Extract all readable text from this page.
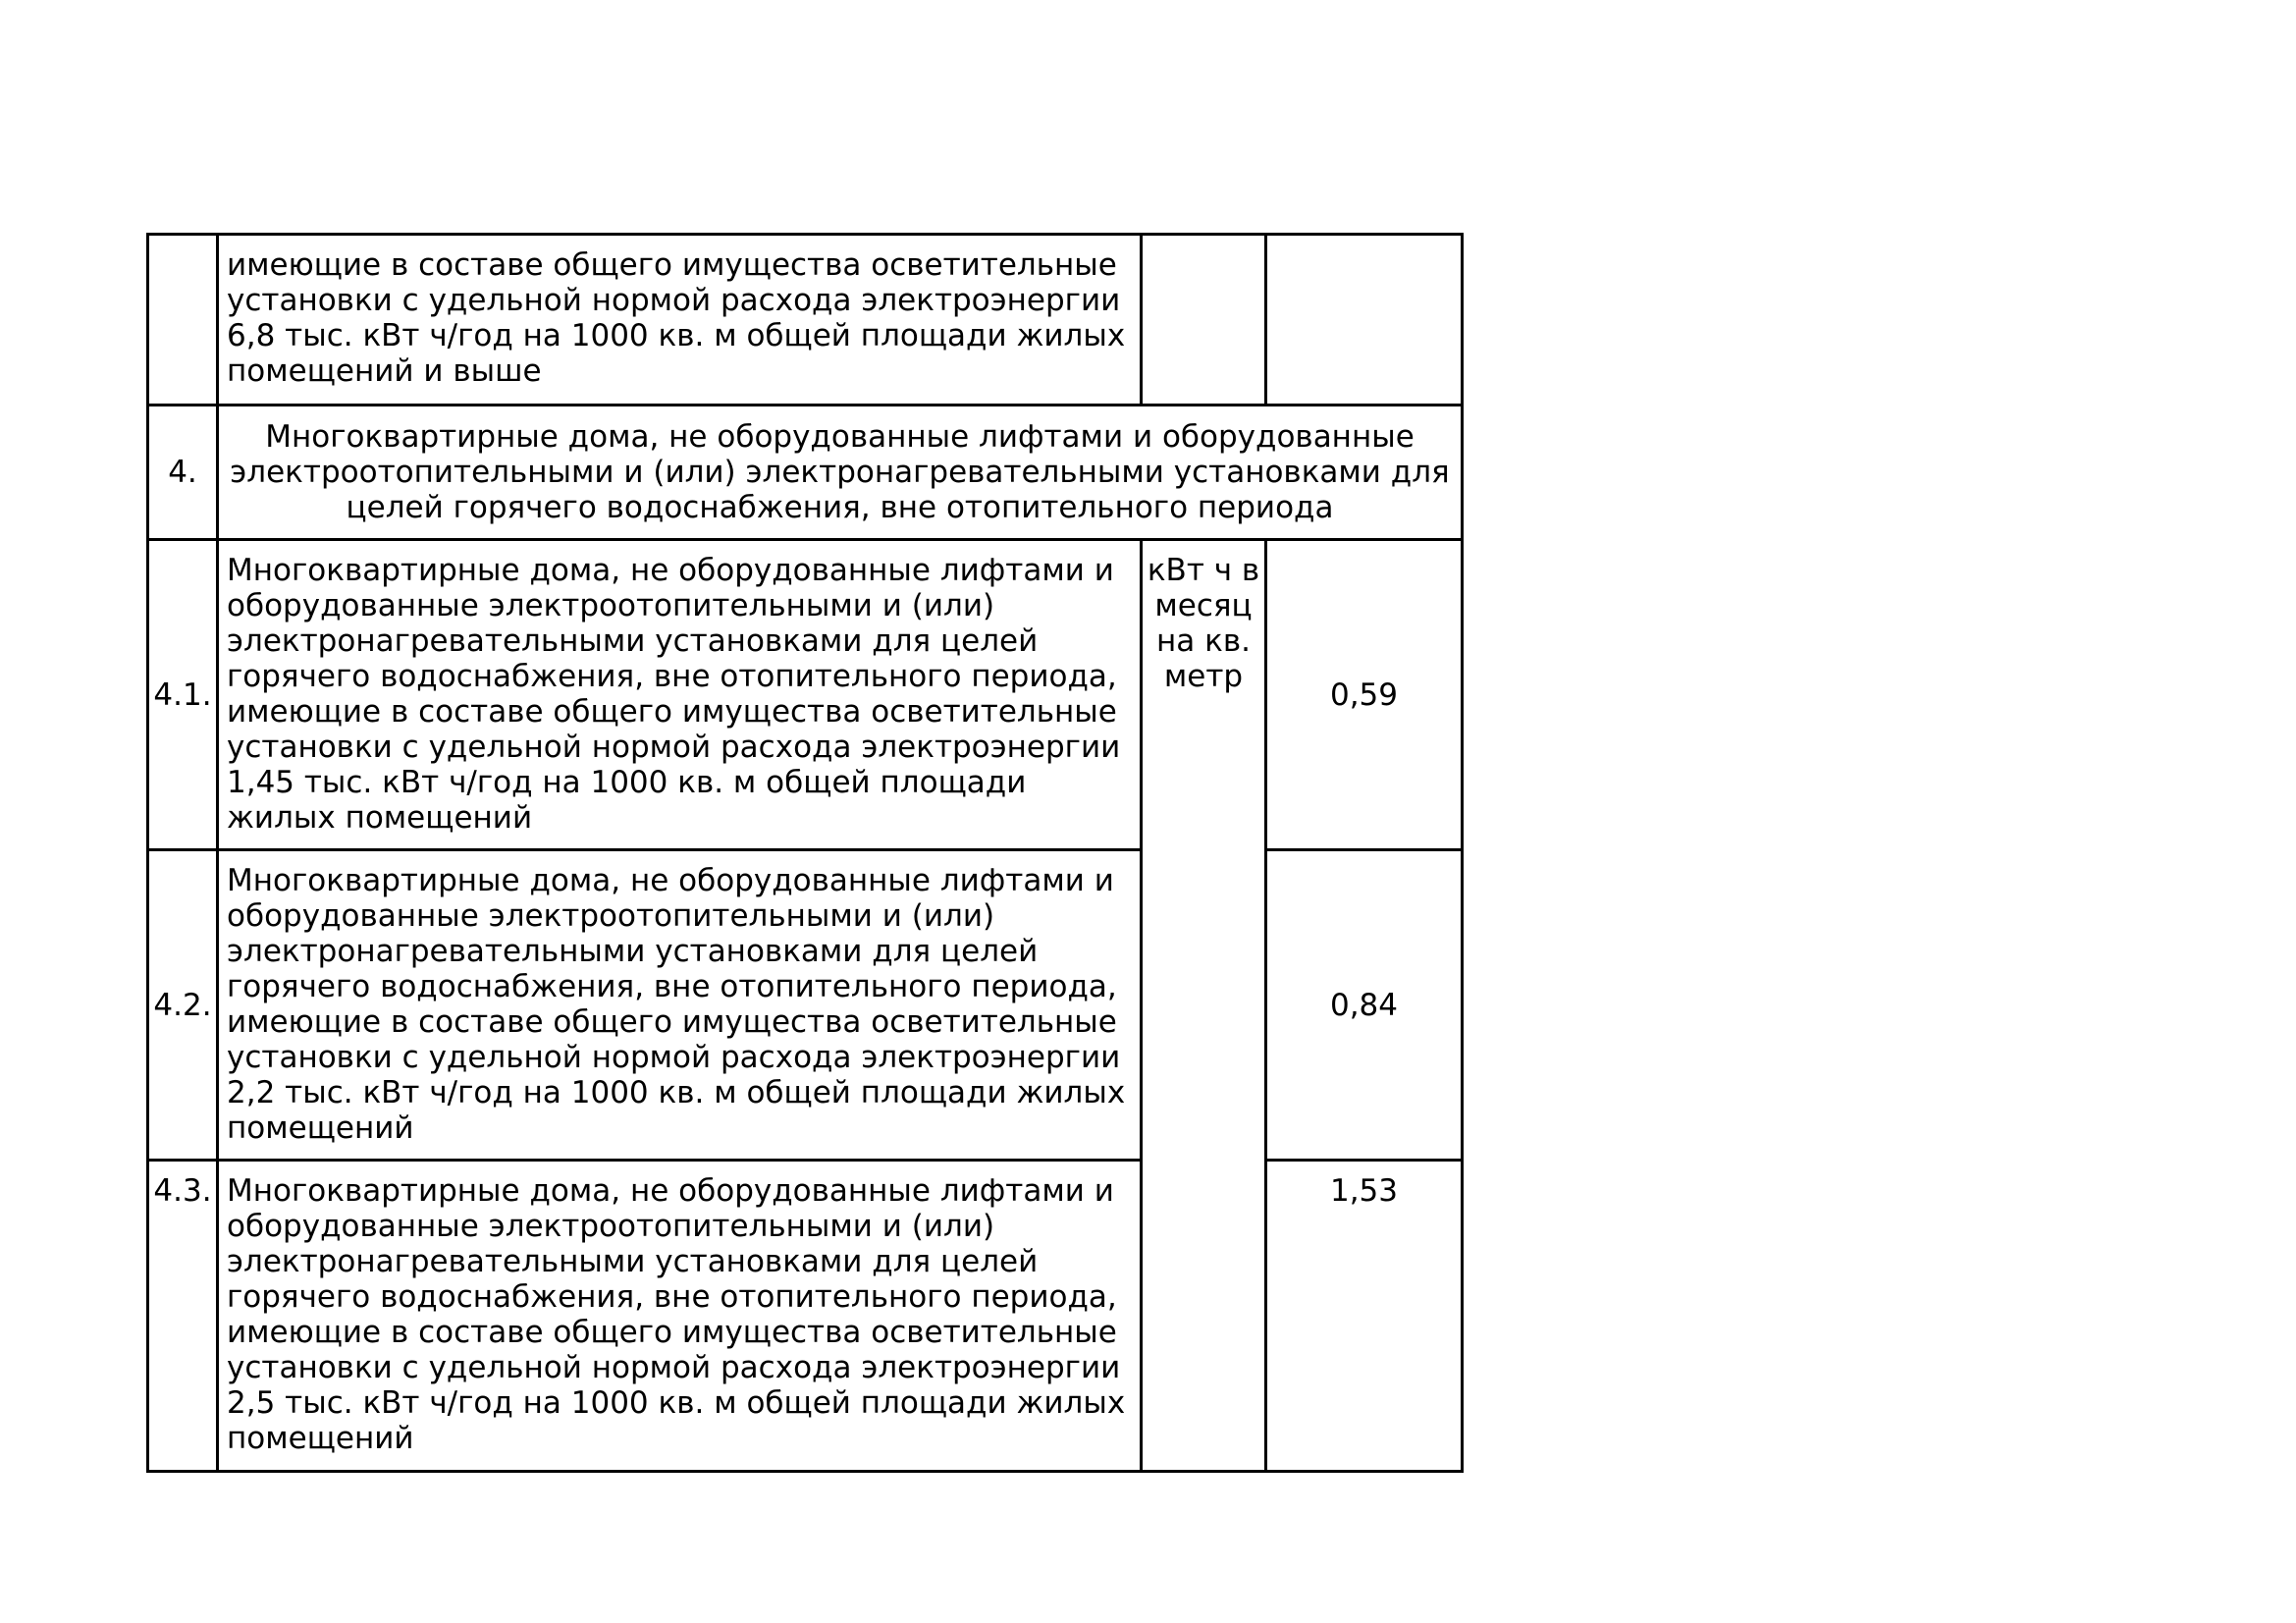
	имеющие в составе общего имущества осветительные установки с удельной нормой расхода электроэнергии 6,8 тыс. кВт ч/год на 1000 кв. м общей площади жилых помещений и выше		
4.	Многоквартирные дома, не оборудованные лифтами и оборудованные электроотопительными и (или) электронагревательными установками для целей горячего водоснабжения, вне отопительного периода		
4.1.	Многоквартирные дома, не оборудованные лифтами и оборудованные электроотопительными и (или) электронагревательными установками для целей горячего водоснабжения, вне отопительного периода, имеющие в составе общего имущества осветительные установки с удельной нормой расхода электроэнергии 1,45 тыс. кВт ч/год на 1000 кв. м общей площади жилых помещений	кВт ч в месяц на кв. метр	0,59
4.2.	Многоквартирные дома, не оборудованные лифтами и оборудованные электроотопительными и (или) электронагревательными установками для целей горячего водоснабжения, вне отопительного периода, имеющие в составе общего имущества осветительные установки с удельной нормой расхода электроэнергии 2,2 тыс. кВт ч/год на 1000 кв. м общей площади жилых помещений		0,84
4.3.	Многоквартирные дома, не оборудованные лифтами и оборудованные электроотопительными и (или) электронагревательными установками для целей горячего водоснабжения, вне отопительного периода, имеющие в составе общего имущества осветительные установки с удельной нормой расхода электроэнергии 2,5 тыс. кВт ч/год на 1000 кв. м общей площади жилых помещений		1,53
